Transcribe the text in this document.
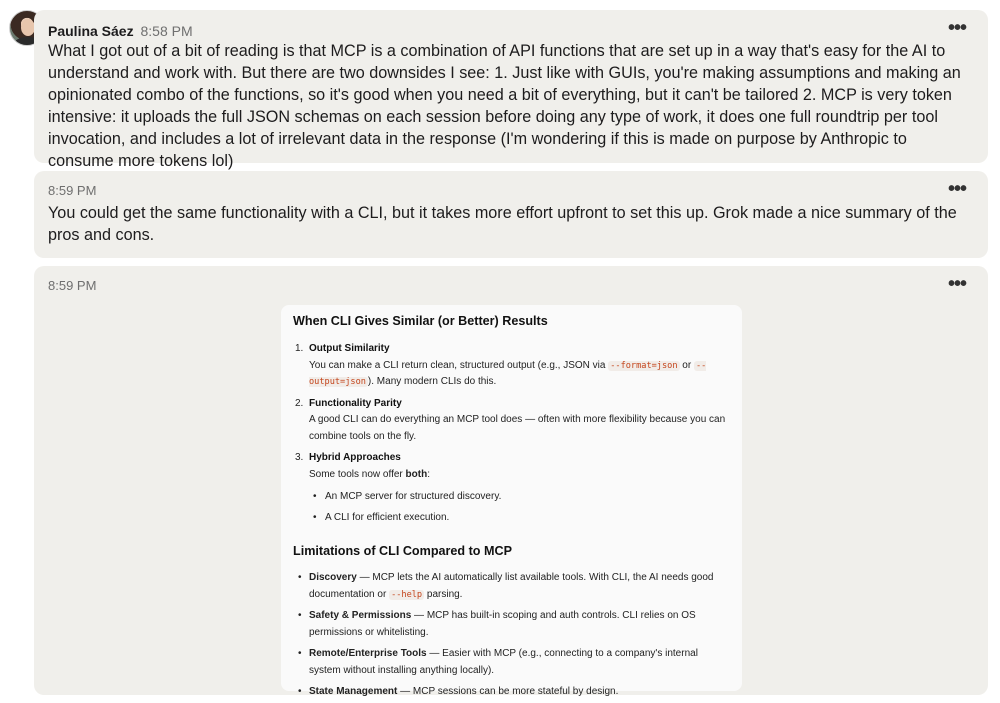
Paulina Sáez 8:58 PM	•••
What I got out of a bit of reading is that MCP is a combination of API functions that are set up in a way that's easy for the AI to understand and work with. But there are two downsides I see: 1. Just like with GUIs, you're making assumptions and making an opinionated combo of the functions, so it's good when you need a bit of everything, but it can't be tailored 2. MCP is very token intensive: it uploads the full JSON schemas on each session before doing any type of work, it does one full roundtrip per tool invocation, and includes a lot of irrelevant data in the response (I'm wondering if this is made on purpose by Anthropic to consume more tokens lol)
8:59 PM	•••
You could get the same functionality with a CLI, but it takes more effort upfront to set this up. Grok made a nice summary of the pros and cons.
8:59 PM	•••
When CLI Gives Similar (or Better) Results
1. Output Similarity
You can make a CLI return clean, structured output (e.g., JSON via --format=json or --output=json ). Many modern CLIs do this.
2. Functionality Parity
A good CLI can do everything an MCP tool does — often with more flexibility because you can combine tools on the fly.
3. Hybrid Approaches
Some tools now offer both:
• An MCP server for structured discovery.
• A CLI for efficient execution.
Limitations of CLI Compared to MCP
• Discovery — MCP lets the AI automatically list available tools. With CLI, the AI needs good documentation or --help parsing.
• Safety & Permissions — MCP has built-in scoping and auth controls. CLI relies on OS permissions or whitelisting.
• Remote/Enterprise Tools — Easier with MCP (e.g., connecting to a company's internal system without installing anything locally).
• State Management — MCP sessions can be more stateful by design.
